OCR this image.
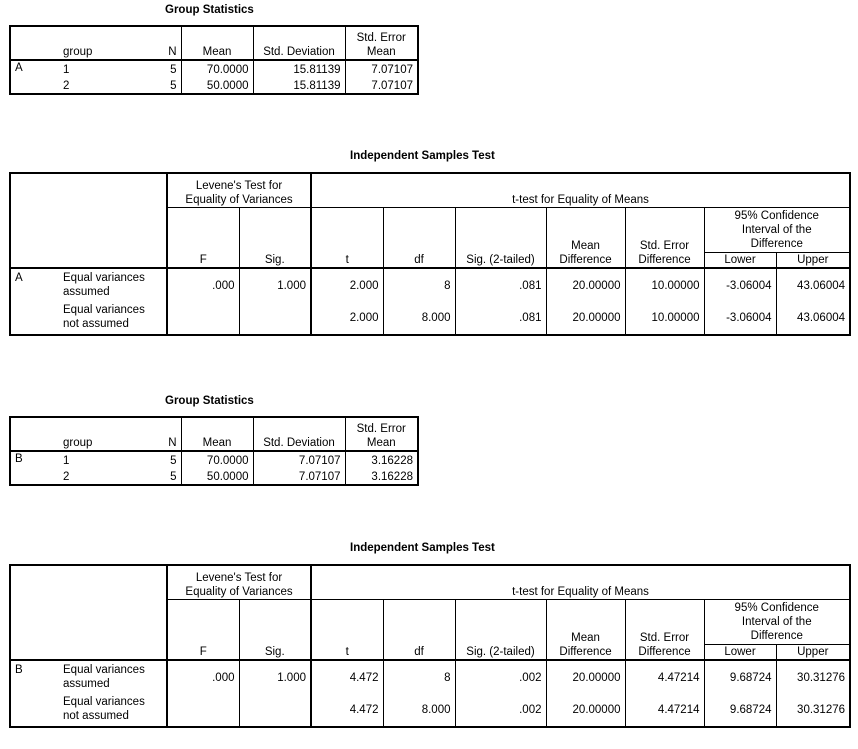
Group Statistics
	group	N	Mean	Std. Deviation	Std. Error
Mean
A	1	5	70.0000	15.81139	7.07107
	2	5	50.0000	15.81139	7.07107
Independent Samples Test
		Levene's Test for
Equality of Variances		t-test for Equality of Means						
		F	Sig.	t	df	Sig. (2-tailed)	Mean
Difference	Std. Error
Difference	95% Confidence
Interval of the
Difference	
									Lower	Upper
A	Equal variances
assumed	.000	1.000	2.000	8	.081	20.00000	10.00000	-3.06004	43.06004
	Equal variances
not assumed			2.000	8.000	.081	20.00000	10.00000	-3.06004	43.06004
Group Statistics
	group	N	Mean	Std. Deviation	Std. Error
Mean
B	1	5	70.0000	7.07107	3.16228
	2	5	50.0000	7.07107	3.16228
Independent Samples Test
		Levene's Test for
Equality of Variances		t-test for Equality of Means						
		F	Sig.	t	df	Sig. (2-tailed)	Mean
Difference	Std. Error
Difference	95% Confidence
Interval of the
Difference	
									Lower	Upper
B	Equal variances
assumed	.000	1.000	4.472	8	.002	20.00000	4.47214	9.68724	30.31276
	Equal variances
not assumed			4.472	8.000	.002	20.00000	4.47214	9.68724	30.31276
